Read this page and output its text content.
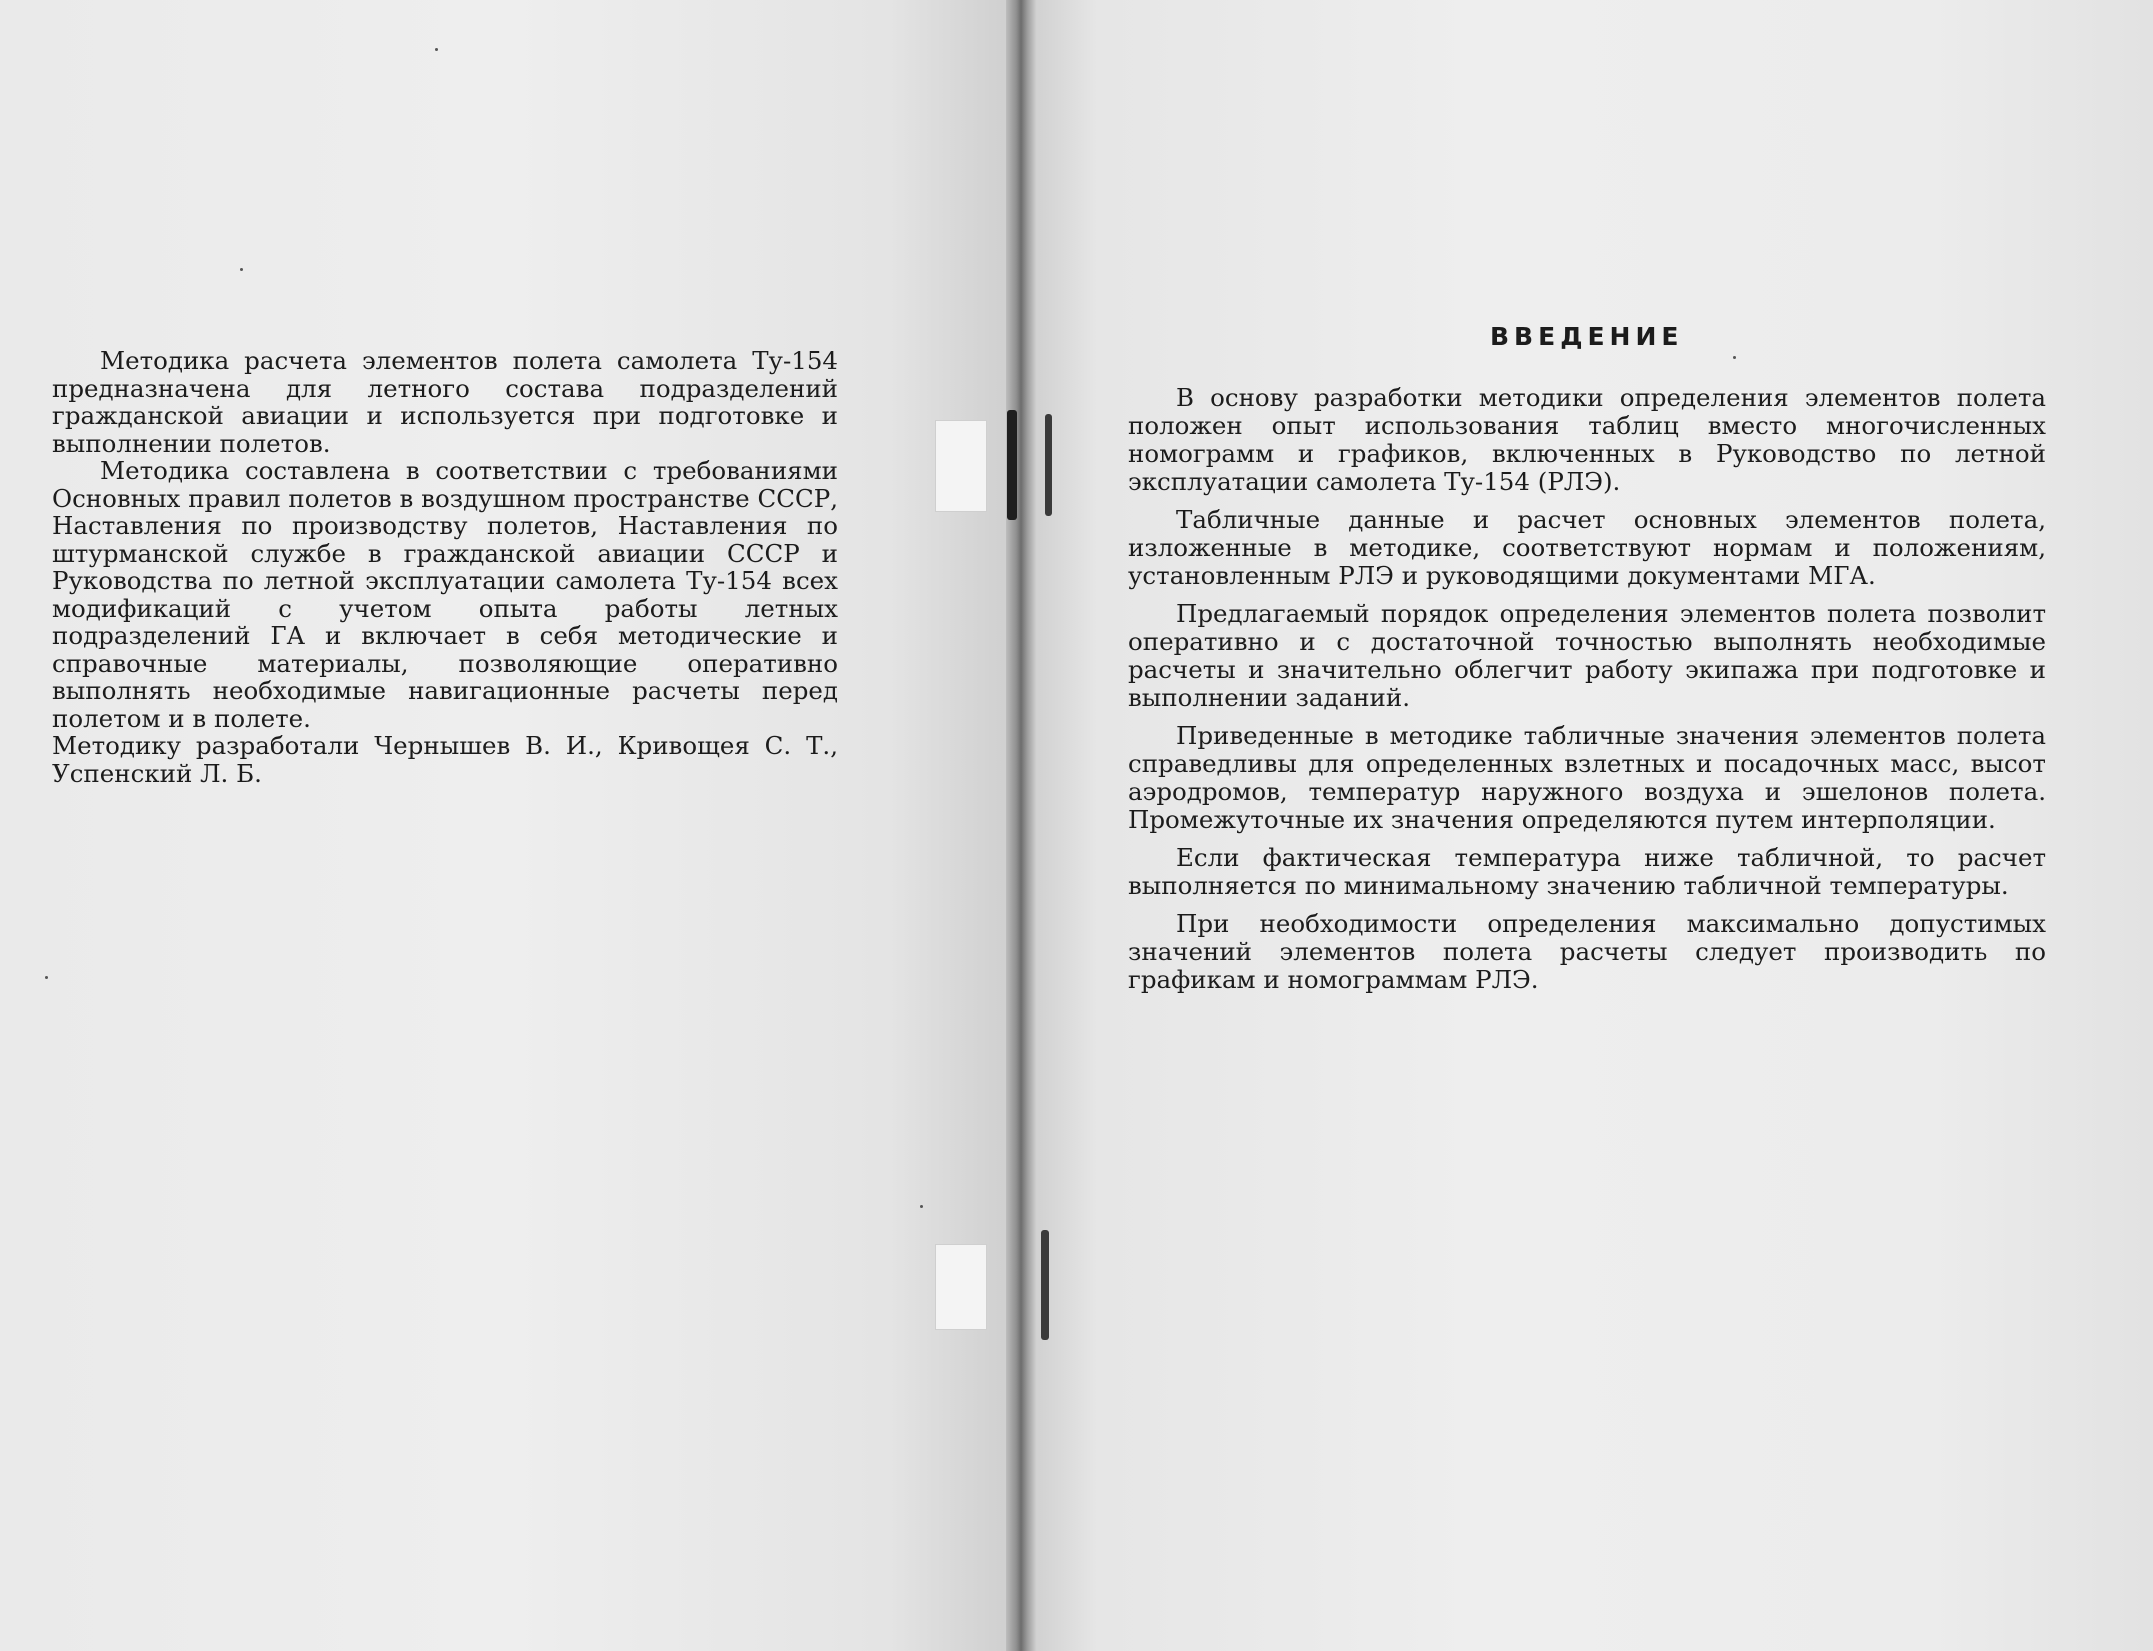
Методика расчета элементов полета самолета Ту-154 предназначена для летного состава подразделений гражданской авиации и используется при подготовке и выполнении полетов.

Методика составлена в соответствии с требованиями Основных правил полетов в воздушном пространстве СССР, Наставления по производству полетов, Наставления по штурманской службе в гражданской авиации СССР и Руководства по летной эксплуатации самолета Ту-154 всех модификаций с учетом опыта работы летных подразделений ГА и включает в себя методические и справочные материалы, позволяющие оперативно выполнять необходимые навигационные расчеты перед полетом и в полете.

Методику разработали Чернышев В. И., Кривощея С. Т., Успенский Л. Б.

ВВЕДЕНИЕ

В основу разработки методики определения элементов полета положен опыт использования таблиц вместо многочисленных номограмм и графиков, включенных в Руководство по летной эксплуатации самолета Ту-154 (РЛЭ).

Табличные данные и расчет основных элементов полета, изложенные в методике, соответствуют нормам и положениям, установленным РЛЭ и руководящими документами МГА.

Предлагаемый порядок определения элементов полета позволит оперативно и с достаточной точностью выполнять необходимые расчеты и значительно облегчит работу экипажа при подготовке и выполнении заданий.

Приведенные в методике табличные значения элементов полета справедливы для определенных взлетных и посадочных масс, высот аэродромов, температур наружного воздуха и эшелонов полета. Промежуточные их значения определяются путем интерполяции.

Если фактическая температура ниже табличной, то расчет выполняется по минимальному значению табличной температуры.

При необходимости определения максимально допустимых значений элементов полета расчеты следует производить по графикам и номограммам РЛЭ.
